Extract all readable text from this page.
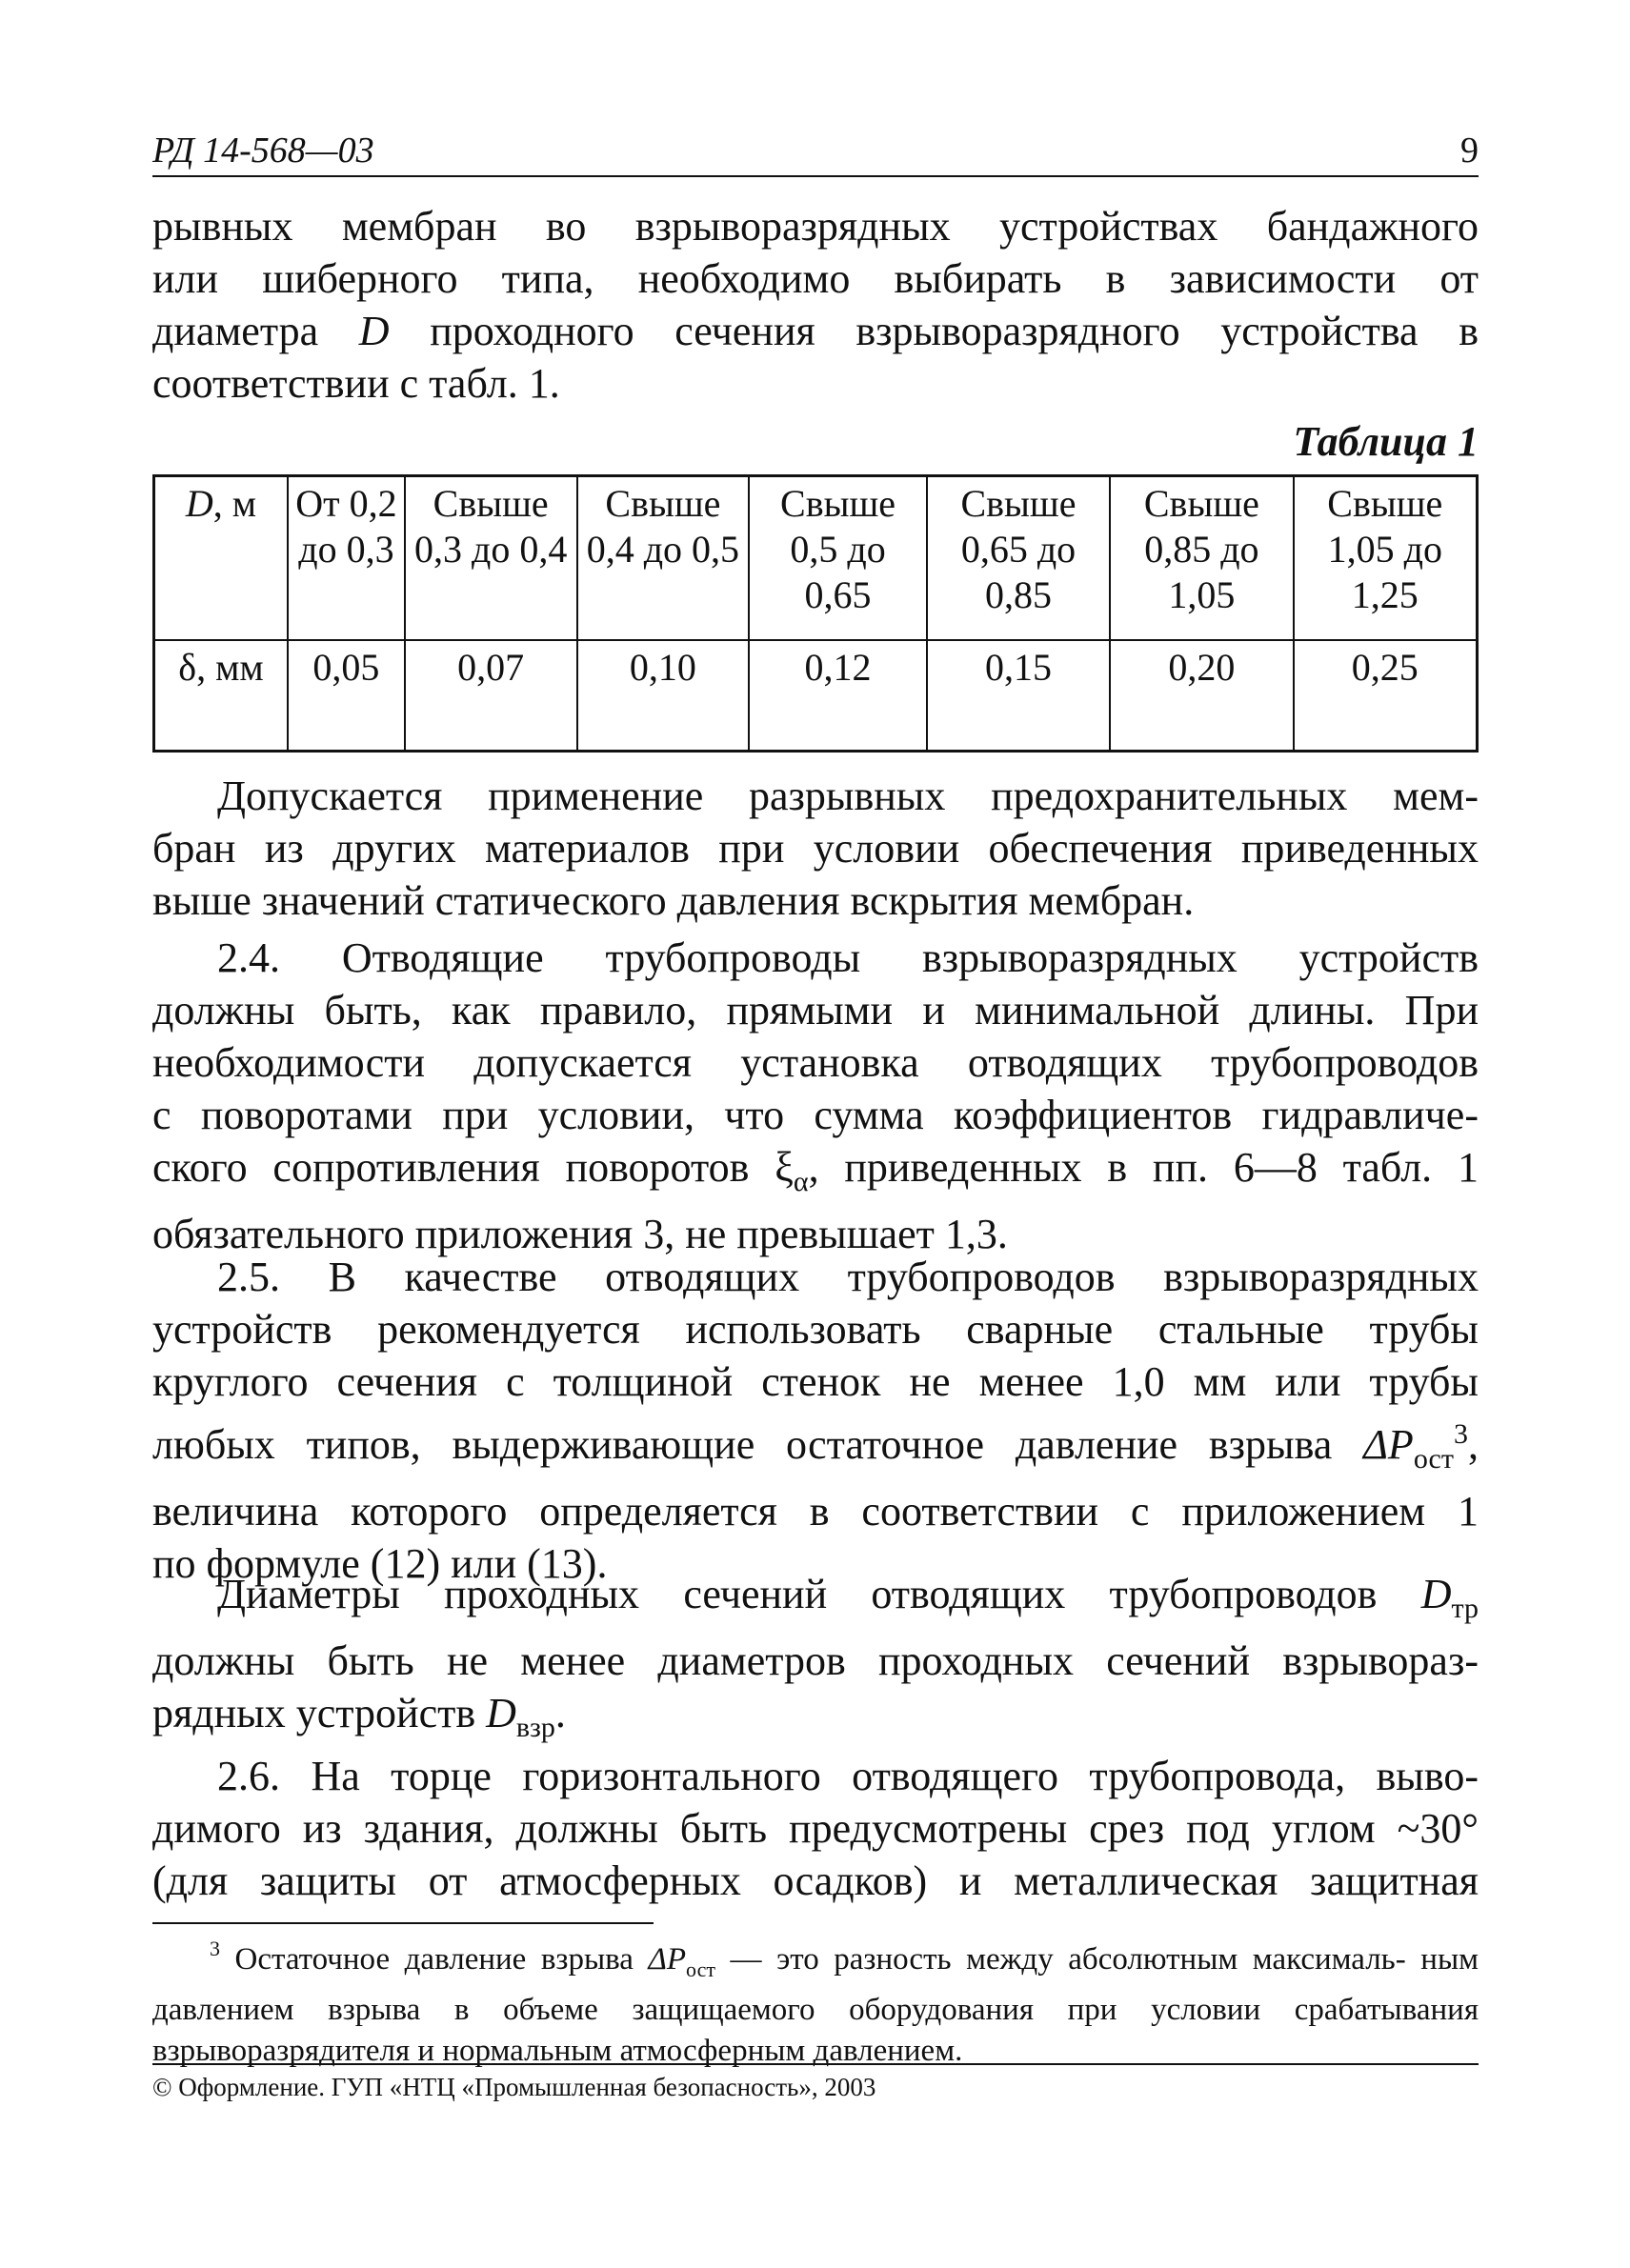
РД 14-568—03	9

рывных мембран во взрыворазрядных устройствах бандажного

или шиберного типа, необходимо выбирать в зависимости от

диаметра D проходного сечения взрыворазрядного устройства в

соответствии с табл. 1.

Таблица 1
D, м	От 0,2 до 0,3	Свыше 0,3 до 0,4	Свыше 0,4 до 0,5	Свыше 0,5 до 0,65	Свыше 0,65 до 0,85	Свыше 0,85 до 1,05	Свыше 1,05 до 1,25
δ, мм	0,05	0,07	0,10	0,12	0,15	0,20	0,25

Допускается применение разрывных предохранительных мем-

бран из других материалов при условии обеспечения приведенных

выше значений статического давления вскрытия мембран.

2.4. Отводящие трубопроводы взрыворазрядных устройств

должны быть, как правило, прямыми и минимальной длины. При

необходимости допускается установка отводящих трубопроводов

с поворотами при условии, что сумма коэффициентов гидравличе-

ского сопротивления поворотов $\xi_\alpha$, приведенных в пп. 6—8 табл. 1

обязательного приложения 3, не превышает 1,3.

2.5. В качестве отводящих трубопроводов взрыворазрядных

устройств рекомендуется использовать сварные стальные трубы

круглого сечения с толщиной стенок не менее 1,0 мм или трубы

любых типов, выдерживающие остаточное давление взрыва $\Delta P_{ост}^3$,

величина которого определяется в соответствии с приложением 1

по формуле (12) или (13).

Диаметры проходных сечений отводящих трубопроводов $D_{тр}$

должны быть не менее диаметров проходных сечений взрывораз-

рядных устройств $D_{взр}$.

2.6. На торце горизонтального отводящего трубопровода, выво-

димого из здания, должны быть предусмотрены срез под углом ~30°

(для защиты от атмосферных осадков) и металлическая защитная

$^3$ Остаточное давление взрыва $\Delta P_{ост}$ — это разность между абсолютным максималь- ным давлением взрыва в объеме защищаемого оборудования при условии срабатывания взрыворазрядителя и нормальным атмосферным давлением.

© Оформление. ГУП «НТЦ «Промышленная безопасность», 2003
